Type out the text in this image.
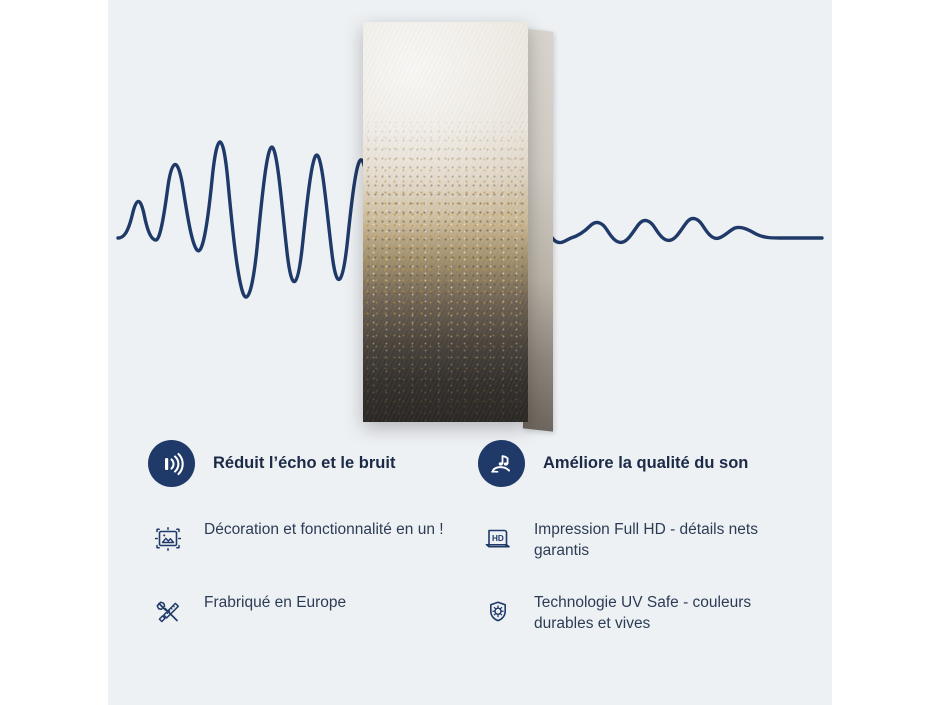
Réduit l’écho et le bruit	Améliore la qualité du son
Décoration et fonctionnalité en un !
HD
Impression Full HD - détails nets garantis
Frabriqué en Europe	Technologie UV Safe - couleurs durables et vives
